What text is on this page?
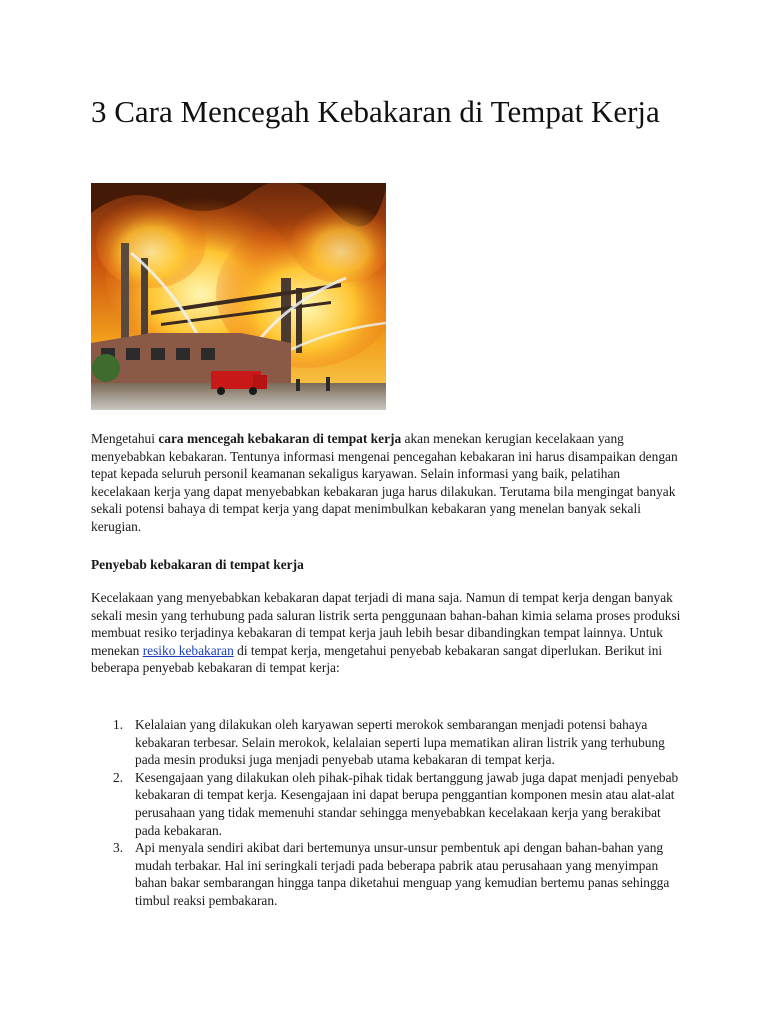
3 Cara Mencegah Kebakaran di Tempat Kerja

Mengetahui cara mencegah kebakaran di tempat kerja akan menekan kerugian kecelakaan yang menyebabkan kebakaran. Tentunya informasi mengenai pencegahan kebakaran ini harus disampaikan dengan tepat kepada seluruh personil keamanan sekaligus karyawan. Selain informasi yang baik, pelatihan kecelakaan kerja yang dapat menyebabkan kebakaran juga harus dilakukan. Terutama bila mengingat banyak sekali potensi bahaya di tempat kerja yang dapat menimbulkan kebakaran yang menelan banyak sekali kerugian.

Penyebab kebakaran di tempat kerja

Kecelakaan yang menyebabkan kebakaran dapat terjadi di mana saja. Namun di tempat kerja dengan banyak sekali mesin yang terhubung pada saluran listrik serta penggunaan bahan-bahan kimia selama proses produksi membuat resiko terjadinya kebakaran di tempat kerja jauh lebih besar dibandingkan tempat lainnya. Untuk menekan resiko kebakaran di tempat kerja, mengetahui penyebab kebakaran sangat diperlukan. Berikut ini beberapa penyebab kebakaran di tempat kerja:

1. Kelalaian yang dilakukan oleh karyawan seperti merokok sembarangan menjadi potensi bahaya kebakaran terbesar. Selain merokok, kelalaian seperti lupa mematikan aliran listrik yang terhubung pada mesin produksi juga menjadi penyebab utama kebakaran di tempat kerja.
2. Kesengajaan yang dilakukan oleh pihak-pihak tidak bertanggung jawab juga dapat menjadi penyebab kebakaran di tempat kerja. Kesengajaan ini dapat berupa penggantian komponen mesin atau alat-alat perusahaan yang tidak memenuhi standar sehingga menyebabkan kecelakaan kerja yang berakibat pada kebakaran.
3. Api menyala sendiri akibat dari bertemunya unsur-unsur pembentuk api dengan bahan-bahan yang mudah terbakar. Hal ini seringkali terjadi pada beberapa pabrik atau perusahaan yang menyimpan bahan bakar sembarangan hingga tanpa diketahui menguap yang kemudian bertemu panas sehingga timbul reaksi pembakaran.
